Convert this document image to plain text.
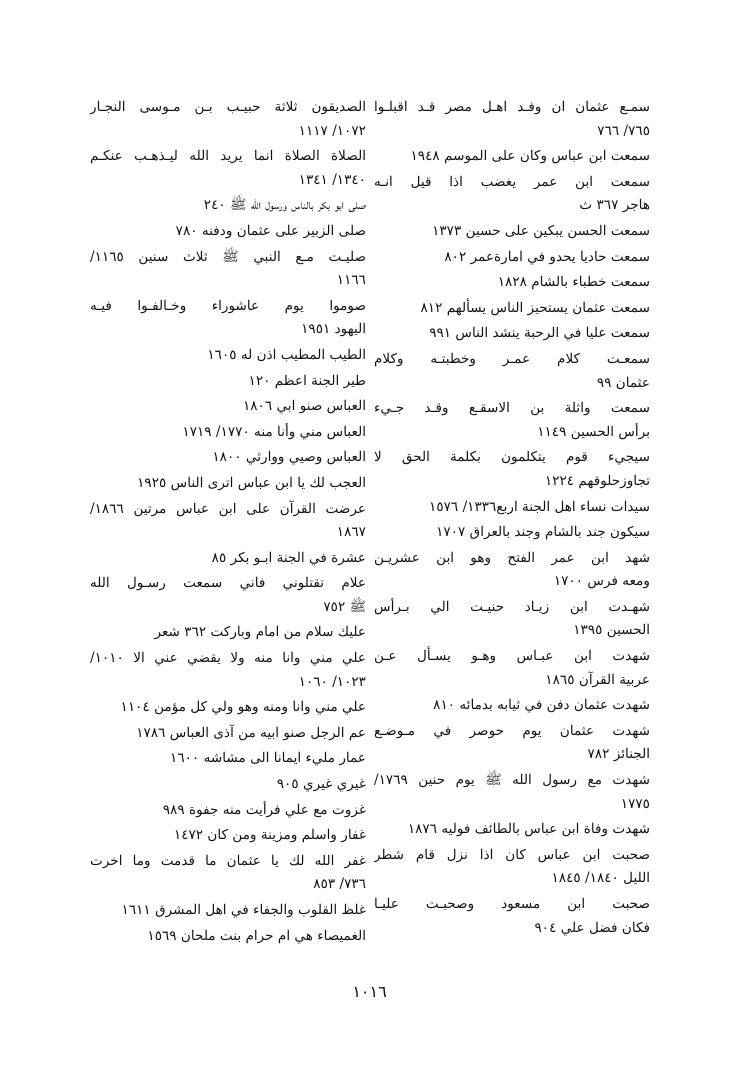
سمـع عثمان ان وفـد اهـل مصر قـد اقبلـوا
٧٦٥/ ٧٦٦
سمعت ابن عباس وكان على الموسم ١٩٤٨
سمعت ابن عمر يغضب اذا قيل انـه
هاجر ٣٦٧ ث
سمعت الحسن يبكين على حسين ١٣٧٣
سمعت حاديا يحدو في امارةعمر ٨٠٢
سمعت خطباء بالشام ١٨٢٨
سمعت عثمان يستحيز الناس يسألهم ٨١٢
سمعت عليا في الرحبة ينشد الناس ٩٩١
سمعـت كلام عمـر وخطبتـه وكلام
عثمان ٩٩
سمعت واثلة بن الاسقـع وقـد جـيء
برأس الحسين ١١٤٩
سيجيء قوم يتكلمون بكلمة الحق لا
تجاوزحلوقهم ١٢٢٤
سيدات نساء اهل الجنة اربع١٣٣٦/ ١٥٧٦
سيكون جند بالشام وجند بالعراق ١٧٠٧
شهد ابن عمر الفتح وهو ابن عشريـن
ومعه فرس ١٧٠٠
شهـدت ابن زيـاد حنيـت الي بـرأس
الحسين ١٣٩٥
شهدت ابن عبـاس وهـو يسـأل عـن
عربية القرآن ١٨٦٥
شهدت عثمان دفن في ثيابه بدمائه ٨١٠
شهدت عثمان يوم حوصر في مـوضـع
الجنائز ٧٨٢
شهدت مع رسول الله ﷺ يوم حنين ١٧٦٩/
١٧٧٥
شهدت وفاة ابن عباس بالطائف فوليه ١٨٧٦
صحبت ابن عباس كان اذا نزل قام شطر
الليل ١٨٤٠/ ١٨٤٥
صحبت ابن مسعود وصحبـت عليـا
فكان فضل علي ٩٠٤
الصديقون ثلاثة حبيـب بـن مـوسى النجـار
١٠٧٢/ ١١١٧
الصلاة الصلاة انما يريد الله ليـذهـب عنكـم
١٣٤٠/ ١٣٤١
صلى ابو بكر بالناس ورسول الله ﷺ ٢٤٠
صلى الزبير على عثمان ودفنه ٧٨٠
صليـت مـع النبي ﷺ ثلاث سنين ١١٦٥/
١١٦٦
صوموا يوم عاشوراء وخـالفـوا فيـه
اليهود ١٩٥١
الطيب المطيب اذن له ١٦٠٥
طير الجنة اعظم ١٢٠
العباس صنو ابي ١٨٠٦
العباس مني وأنا منه ١٧٧٠/ ١٧١٩
العباس وصيي ووارثي ١٨٠٠
العجب لك يا ابن عباس اترى الناس ١٩٢٥
عرضت القرآن على ابن عباس مرتين ١٨٦٦/
١٨٦٧
عشرة في الجنة ابـو بكر ٨٥
علام تقتلوني فاني سمعت رسـول الله
ﷺ ٧٥٢
عليك سلام من امام وباركت ٣٦٢ شعر
علي مني وانا منه ولا يقضي عني الا ١٠١٠/
١٠٢٣/ ١٠٦٠
علي مني وانا ومنه وهو ولي كل مؤمن ١١٠٤
عم الرجل صنو ابيه من آذى العباس ١٧٨٦
عمار مليء ايمانا الى مشاشه ١٦٠٠
غيري غيري ٩٠٥
غزوت مع علي فرأيت منه جفوة ٩٨٩
غفار واسلم ومزينة ومن كان ١٤٧٢
غفر الله لك يا عثمان ما قدمت وما اخرت
٧٣٦/ ٨٥٣
غلظ القلوب والجفاء في اهل المشرق ١٦١١
الغميصاء هي ام حرام بنت ملحان ١٥٦٩
١٠١٦
